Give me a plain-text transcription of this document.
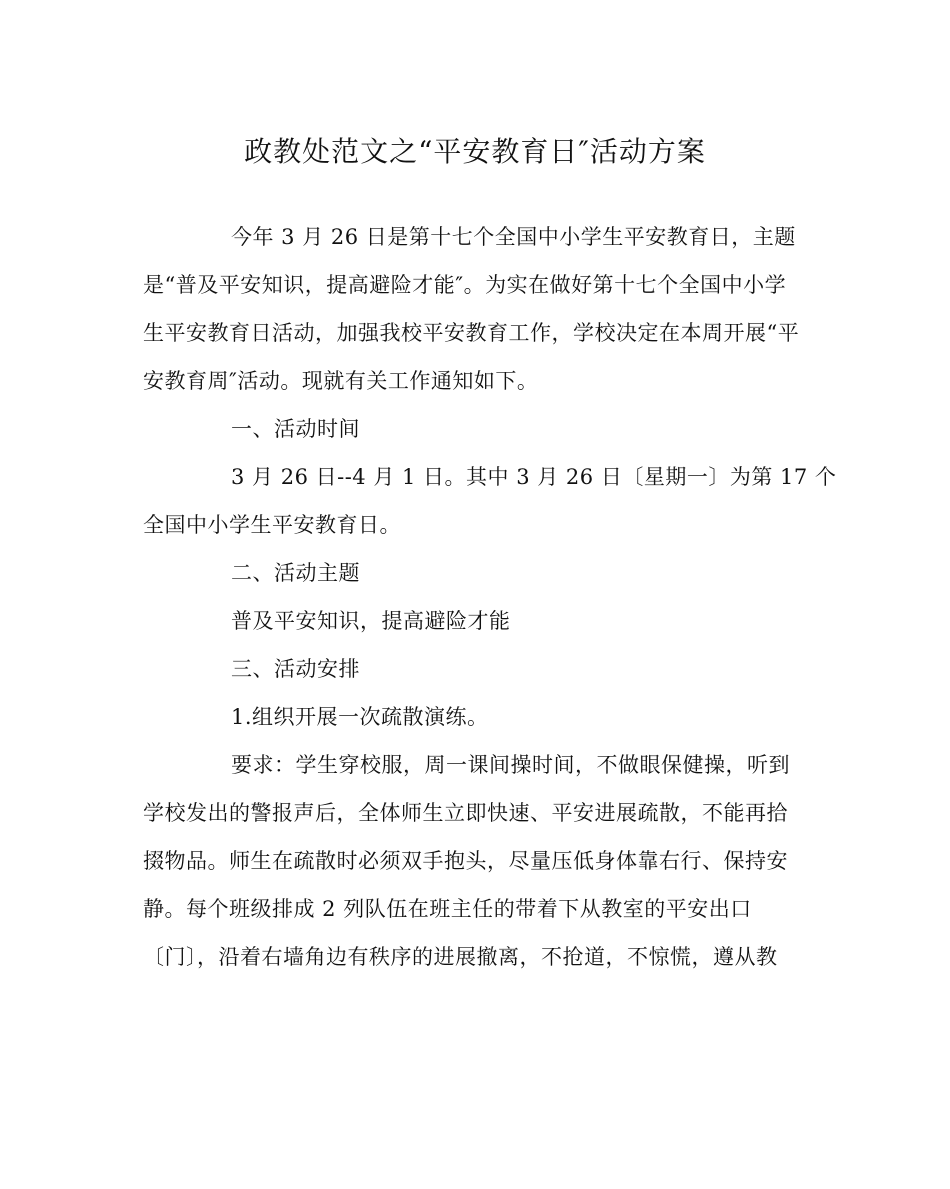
政教处范文之“平安教育日″活动方案
今年 3 月 26 日是第十七个全国中小学生平安教育日，主题
是“普及平安知识，提高避险才能″。为实在做好第十七个全国中小学
生平安教育日活动，加强我校平安教育工作，学校决定在本周开展“平
安教育周″活动。现就有关工作通知如下。
一、活动时间
3 月 26 日--4 月 1 日。其中 3 月 26 日〔星期一〕为第 17 个
全国中小学生平安教育日。
二、活动主题
普及平安知识，提高避险才能
三、活动安排
1.组织开展一次疏散演练。
要求：学生穿校服，周一课间操时间，不做眼保健操，听到
学校发出的警报声后，全体师生立即快速、平安进展疏散，不能再拾
掇物品。师生在疏散时必须双手抱头，尽量压低身体靠右行、保持安
静。每个班级排成 2 列队伍在班主任的带着下从教室的平安出口
〔门〕，沿着右墙角边有秩序的进展撤离，不抢道，不惊慌，遵从教
